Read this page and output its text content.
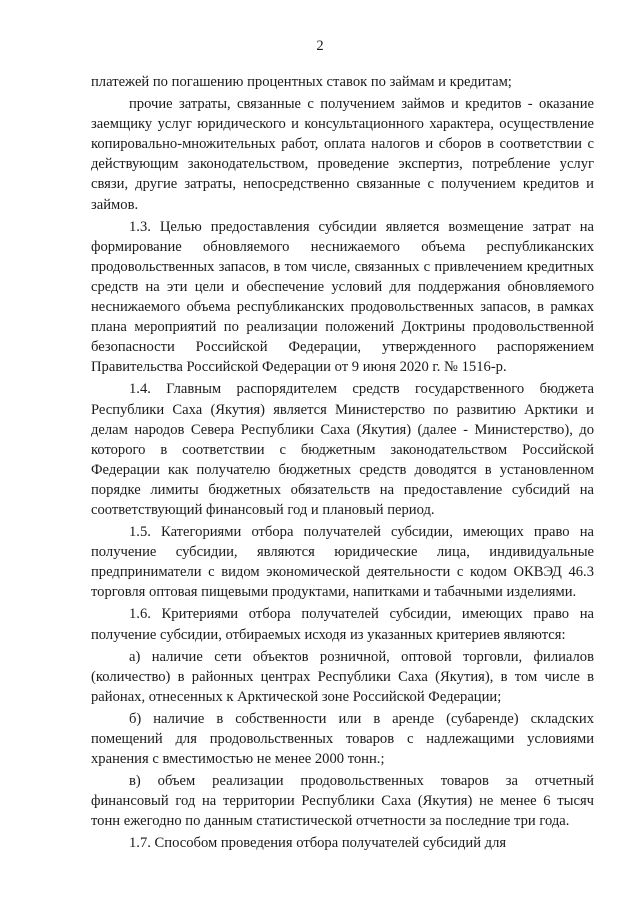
2

платежей по погашению процентных ставок по займам и кредитам;

прочие затраты, связанные с получением займов и кредитов - оказание заемщику услуг юридического и консультационного характера, осуществление копировально-множительных работ, оплата налогов и сборов в соответствии с действующим законодательством, проведение экспертиз, потребление услуг связи, другие затраты, непосредственно связанные с получением кредитов и займов.

1.3. Целью предоставления субсидии является возмещение затрат на формирование обновляемого неснижаемого объема республиканских продовольственных запасов, в том числе, связанных с привлечением кредитных средств на эти цели и обеспечение условий для поддержания обновляемого неснижаемого объема республиканских продовольственных запасов, в рамках плана мероприятий по реализации положений Доктрины продовольственной безопасности Российской Федерации, утвержденного распоряжением Правительства Российской Федерации от 9 июня 2020 г. № 1516-р.

1.4. Главным распорядителем средств государственного бюджета Республики Саха (Якутия) является Министерство по развитию Арктики и делам народов Севера Республики Саха (Якутия) (далее - Министерство), до которого в соответствии с бюджетным законодательством Российской Федерации как получателю бюджетных средств доводятся в установленном порядке лимиты бюджетных обязательств на предоставление субсидий на соответствующий финансовый год и плановый период.

1.5. Категориями отбора получателей субсидии, имеющих право на получение субсидии, являются юридические лица, индивидуальные предприниматели с видом экономической деятельности с кодом ОКВЭД 46.3 торговля оптовая пищевыми продуктами, напитками и табачными изделиями.

1.6. Критериями отбора получателей субсидии, имеющих право на получение субсидии, отбираемых исходя из указанных критериев являются:

а) наличие сети объектов розничной, оптовой торговли, филиалов (количество) в районных центрах Республики Саха (Якутия), в том числе в районах, отнесенных к Арктической зоне Российской Федерации;

б) наличие в собственности или в аренде (субаренде) складских помещений для продовольственных товаров с надлежащими условиями хранения с вместимостью не менее 2000 тонн.;

в) объем реализации продовольственных товаров за отчетный финансовый год на территории Республики Саха (Якутия) не менее 6 тысяч тонн ежегодно по данным статистической отчетности за последние три года.

1.7. Способом проведения отбора получателей субсидий для
